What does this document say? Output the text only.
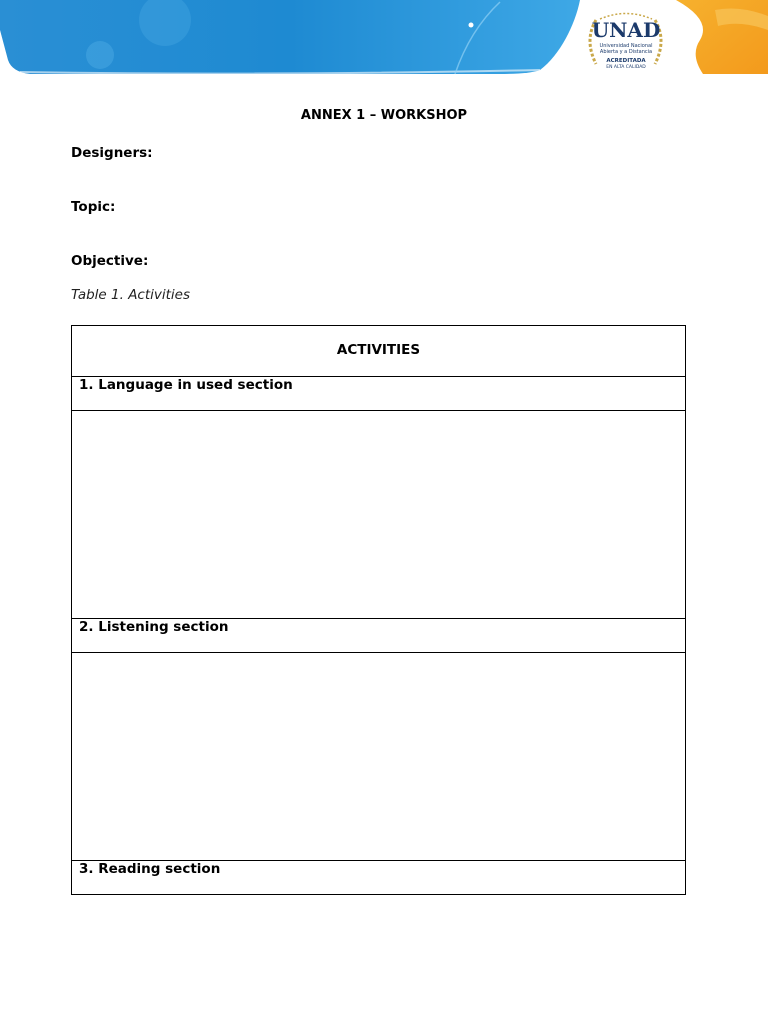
UNAD
Universidad Nacional
Abierta y a Distancia
ACREDITADA
EN ALTA CALIDAD
ANNEX 1 – WORKSHOP
Designers:
Topic:
Objective:
Table 1. Activities
ACTIVITIES

1. Language in used section

2. Listening section

3. Reading section
